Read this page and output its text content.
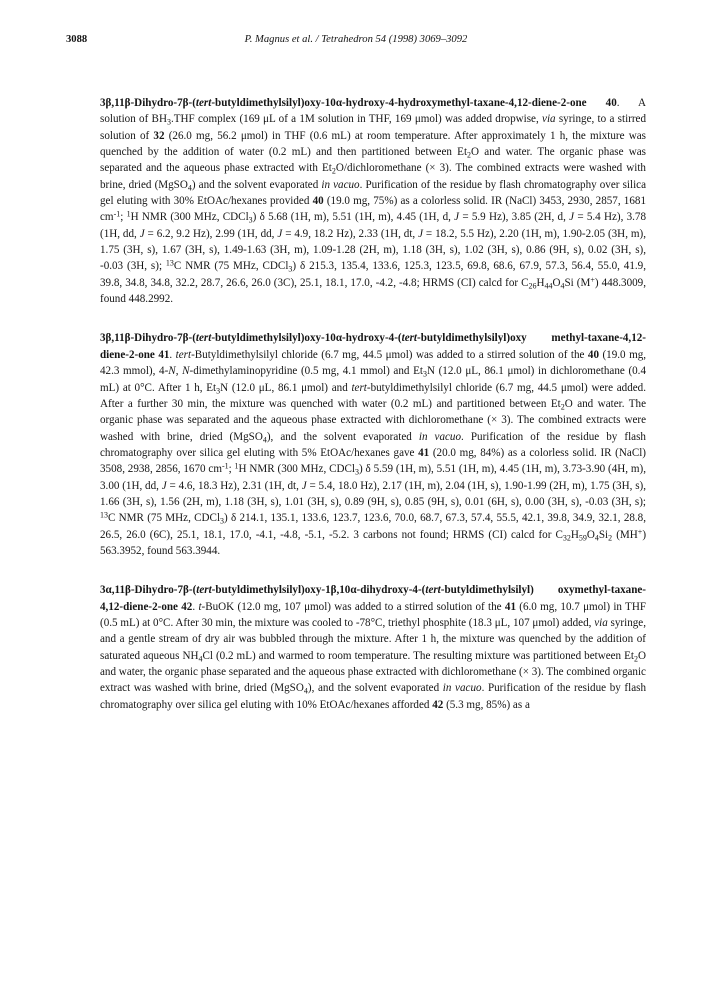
3088	P. Magnus et al. / Tetrahedron 54 (1998) 3069–3092

3β,11β-Dihydro-7β-(tert-butyldimethylsilyl)oxy-10α-hydroxy-4-hydroxymethyl-taxane-4,12-diene-2-one 40. A solution of $BH_3.THF$ complex (169 μL of a 1M solution in THF, 169 μmol) was added dropwise, via syringe, to a stirred solution of 32 (26.0 mg, 56.2 μmol) in THF (0.6 mL) at room temperature. After approximately 1 h, the mixture was quenched by the addition of water (0.2 mL) and then partitioned between $Et_2O$ and water. The organic phase was separated and the aqueous phase extracted with $Et_2O$/dichloromethane (× 3). The combined extracts were washed with brine, dried (MgSO$_4$) and the solvent evaporated in vacuo. Purification of the residue by flash chromatography over silica gel eluting with 30% EtOAc/hexanes provided 40 (19.0 mg, 75%) as a colorless solid. IR (NaCl) 3453, 2930, 2857, 1681 $cm^{-1}$; $^1$H NMR (300 MHz, CDCl$_3$) δ 5.68 (1H, m), 5.51 (1H, m), 4.45 (1H, d, J = 5.9 Hz), 3.85 (2H, d, J = 5.4 Hz), 3.78 (1H, dd, J = 6.2, 9.2 Hz), 2.99 (1H, dd, J = 4.9, 18.2 Hz), 2.33 (1H, dt, J = 18.2, 5.5 Hz), 2.20 (1H, m), 1.90-2.05 (3H, m), 1.75 (3H, s), 1.67 (3H, s), 1.49-1.63 (3H, m), 1.09-1.28 (2H, m), 1.18 (3H, s), 1.02 (3H, s), 0.86 (9H, s), 0.02 (3H, s), -0.03 (3H, s); $^{13}$C NMR (75 MHz, CDCl$_3$) δ 215.3, 135.4, 133.6, 125.3, 123.5, 69.8, 68.6, 67.9, 57.3, 56.4, 55.0, 41.9, 39.8, 34.8, 34.8, 32.2, 28.7, 26.6, 26.0 (3C), 25.1, 18.1, 17.0, -4.2, -4.8; HRMS (CI) calcd for $C_{26}H_{44}O_4Si$ (M+) 448.3009, found 448.2992.

3β,11β-Dihydro-7β-(tert-butyldimethylsilyl)oxy-10α-hydroxy-4-(tert-butyldimethylsilyl)oxy methyl-taxane-4,12-diene-2-one 41. tert-Butyldimethylsilyl chloride (6.7 mg, 44.5 μmol) was added to a stirred solution of the 40 (19.0 mg, 42.3 mmol), 4-N, N-dimethylaminopyridine (0.5 mg, 4.1 mmol) and $Et_3N$ (12.0 μL, 86.1 μmol) in dichloromethane (0.4 mL) at 0°C. After 1 h, $Et_3N$ (12.0 μL, 86.1 μmol) and tert-butyldimethylsilyl chloride (6.7 mg, 44.5 μmol) were added. After a further 30 min, the mixture was quenched with water (0.2 mL) and partitioned between $Et_2O$ and water. The organic phase was separated and the aqueous phase extracted with dichloromethane (× 3). The combined extracts were washed with brine, dried (MgSO$_4$), and the solvent evaporated in vacuo. Purification of the residue by flash chromatography over silica gel eluting with 5% EtOAc/hexanes gave 41 (20.0 mg, 84%) as a colorless solid. IR (NaCl) 3508, 2938, 2856, 1670 $cm^{-1}$; $^1$H NMR (300 MHz, CDCl$_3$) δ 5.59 (1H, m), 5.51 (1H, m), 4.45 (1H, m), 3.73-3.90 (4H, m), 3.00 (1H, dd, J = 4.6, 18.3 Hz), 2.31 (1H, dt, J = 5.4, 18.0 Hz), 2.17 (1H, m), 2.04 (1H, s), 1.90-1.99 (2H, m), 1.75 (3H, s), 1.66 (3H, s), 1.56 (2H, m), 1.18 (3H, s), 1.01 (3H, s), 0.89 (9H, s), 0.85 (9H, s), 0.01 (6H, s), 0.00 (3H, s), -0.03 (3H, s); $^{13}$C NMR (75 MHz, CDCl$_3$) δ 214.1, 135.1, 133.6, 123.7, 123.6, 70.0, 68.7, 67.3, 57.4, 55.5, 42.1, 39.8, 34.9, 32.1, 28.8, 26.5, 26.0 (6C), 25.1, 18.1, 17.0, -4.1, -4.8, -5.1, -5.2. 3 carbons not found; HRMS (CI) calcd for $C_{32}H_{59}O_4Si_2$ (MH+) 563.3952, found 563.3944.

3α,11β-Dihydro-7β-(tert-butyldimethylsilyl)oxy-1β,10α-dihydroxy-4-(tert-butyldimethylsilyl) oxymethyl-taxane-4,12-diene-2-one 42. t-BuOK (12.0 mg, 107 μmol) was added to a stirred solution of the 41 (6.0 mg, 10.7 μmol) in THF (0.5 mL) at 0°C. After 30 min, the mixture was cooled to -78°C, triethyl phosphite (18.3 μL, 107 μmol) added, via syringe, and a gentle stream of dry air was bubbled through the mixture. After 1 h, the mixture was quenched by the addition of saturated aqueous $NH_4Cl$ (0.2 mL) and warmed to room temperature. The resulting mixture was partitioned between $Et_2O$ and water, the organic phase separated and the aqueous phase extracted with dichloromethane (× 3). The combined organic extract was washed with brine, dried (MgSO$_4$), and the solvent evaporated in vacuo. Purification of the residue by flash chromatography over silica gel eluting with 10% EtOAc/hexanes afforded 42 (5.3 mg, 85%) as a
